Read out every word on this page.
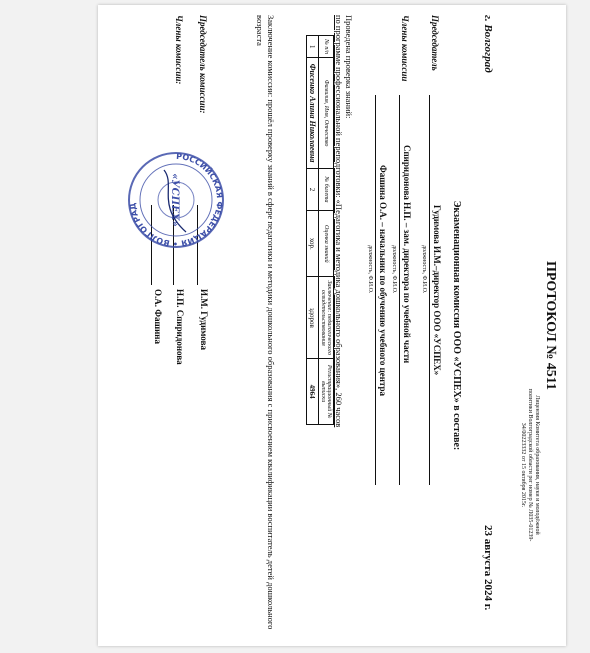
ПРОТОКОЛ № 4511
Лицензия Комитета образования, науки и молодёжной политики Волгоградской области рег номер № Л035-01239-34/00223332 от 15 октября 2015г.
г. Волгоград
23 августа 2024 г.
Экзаменационная комиссия ООО «УСПЕХ» в составе:
Председатель
Гудимова И.М.–директор ООО «УСПЕХ»
должность, Ф.И.О.
Члены комиссии
Спиридонова Н.П. – зам. директора по учебной части
должность, Ф.И.О.
Фашина О.А. – начальник по обучению учебного центра
должность, Ф.И.О.
Проведена проверка знаний:
по программе профессиональной переподготовки: «Педагогика и методика дошкольного образования», 260 часов
№ п/п	Фамилия, Имя, Отчество	№ билета	Оценка знаний	Заключение: педагогического освидетельствования	Регистрационный № выписки
1	Фисенко Алина Николаевна	2	хор.	здоров	4964
Заключение комиссии: прошёл проверку знаний в сфере педагогики и методики дошкольного образования с присвоением квалификации воспитатель детей дошкольного возраста
Председатель комиссии:
И.М. Гудимова
Члены комиссии:
Н.П. Спиридонова
О.А. Фашина
РОССИЙСКАЯ ФЕДЕРАЦИЯ • ВОЛГОГРАД	«УСПЕХ»
